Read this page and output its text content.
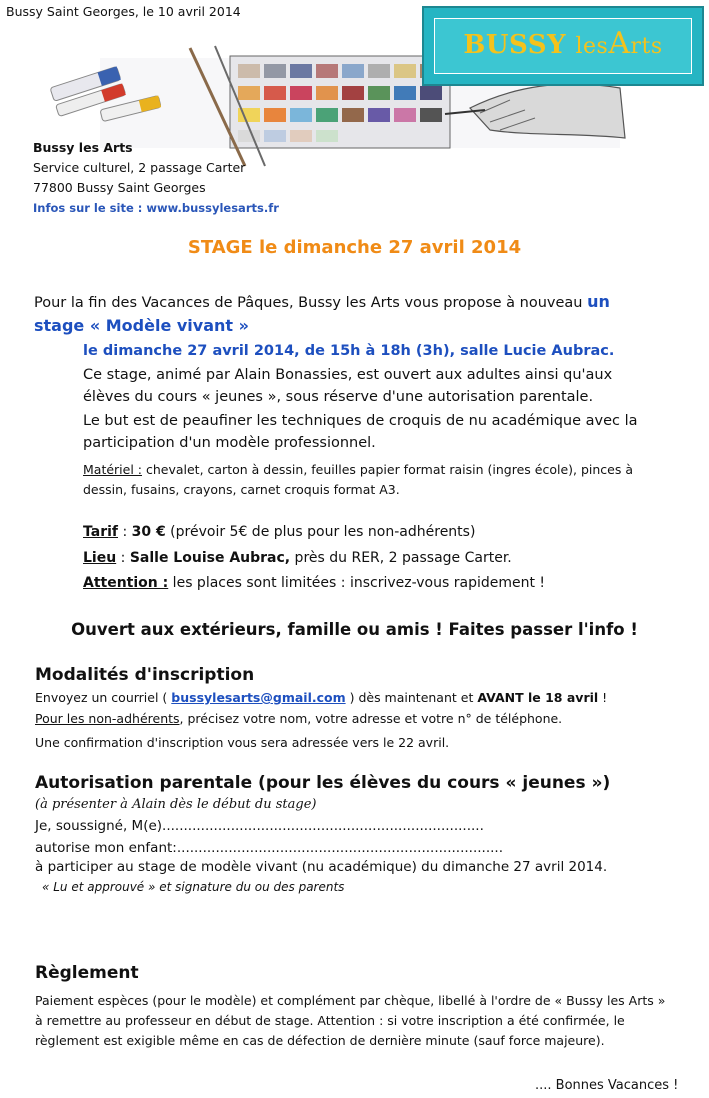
Bussy Saint Georges, le 10 avril 2014
BUSSY lesArts
Bussy les Arts
Service culturel, 2 passage Carter
77800 Bussy Saint Georges
Infos sur le site : www.bussylesarts.fr
STAGE le dimanche 27 avril 2014
Pour la fin des Vacances de Pâques, Bussy les Arts vous propose à nouveau un
stage « Modèle vivant »
le dimanche 27 avril 2014, de 15h à 18h (3h), salle Lucie Aubrac.
Ce stage, animé par Alain Bonassies, est ouvert aux adultes ainsi qu'aux
élèves du cours « jeunes », sous réserve d'une autorisation parentale.
Le but est de peaufiner les techniques de croquis de nu académique avec la
participation d'un modèle professionnel.
Matériel : chevalet, carton à dessin, feuilles papier format raisin (ingres école), pinces à
dessin, fusains, crayons, carnet croquis format A3.
Tarif : 30 € (prévoir 5€ de plus pour les non-adhérents)
Lieu : Salle Louise Aubrac, près du RER, 2 passage Carter.
Attention : les places sont limitées : inscrivez-vous rapidement !
Ouvert aux extérieurs, famille ou amis ! Faites passer l'info !
Modalités d'inscription
Envoyez un courriel ( bussylesarts@gmail.com ) dès maintenant et AVANT le 18 avril !
Pour les non-adhérents, précisez votre nom, votre adresse et votre n° de téléphone.
Une confirmation d'inscription vous sera adressée vers le 22 avril.
Autorisation parentale (pour les élèves du cours « jeunes »)
(à présenter à Alain dès le début du stage)
Je, soussigné, M(e)...........................................................................
autorise mon enfant:............................................................................
à participer au stage de modèle vivant (nu académique) du dimanche 27 avril 2014.
« Lu et approuvé » et signature du ou des parents
Règlement
Paiement espèces (pour le modèle) et complément par chèque, libellé à l'ordre de « Bussy les Arts »
à remettre au professeur en début de stage. Attention : si votre inscription a été confirmée, le
règlement est exigible même en cas de défection de dernière minute (sauf force majeure).
.... Bonnes Vacances !
